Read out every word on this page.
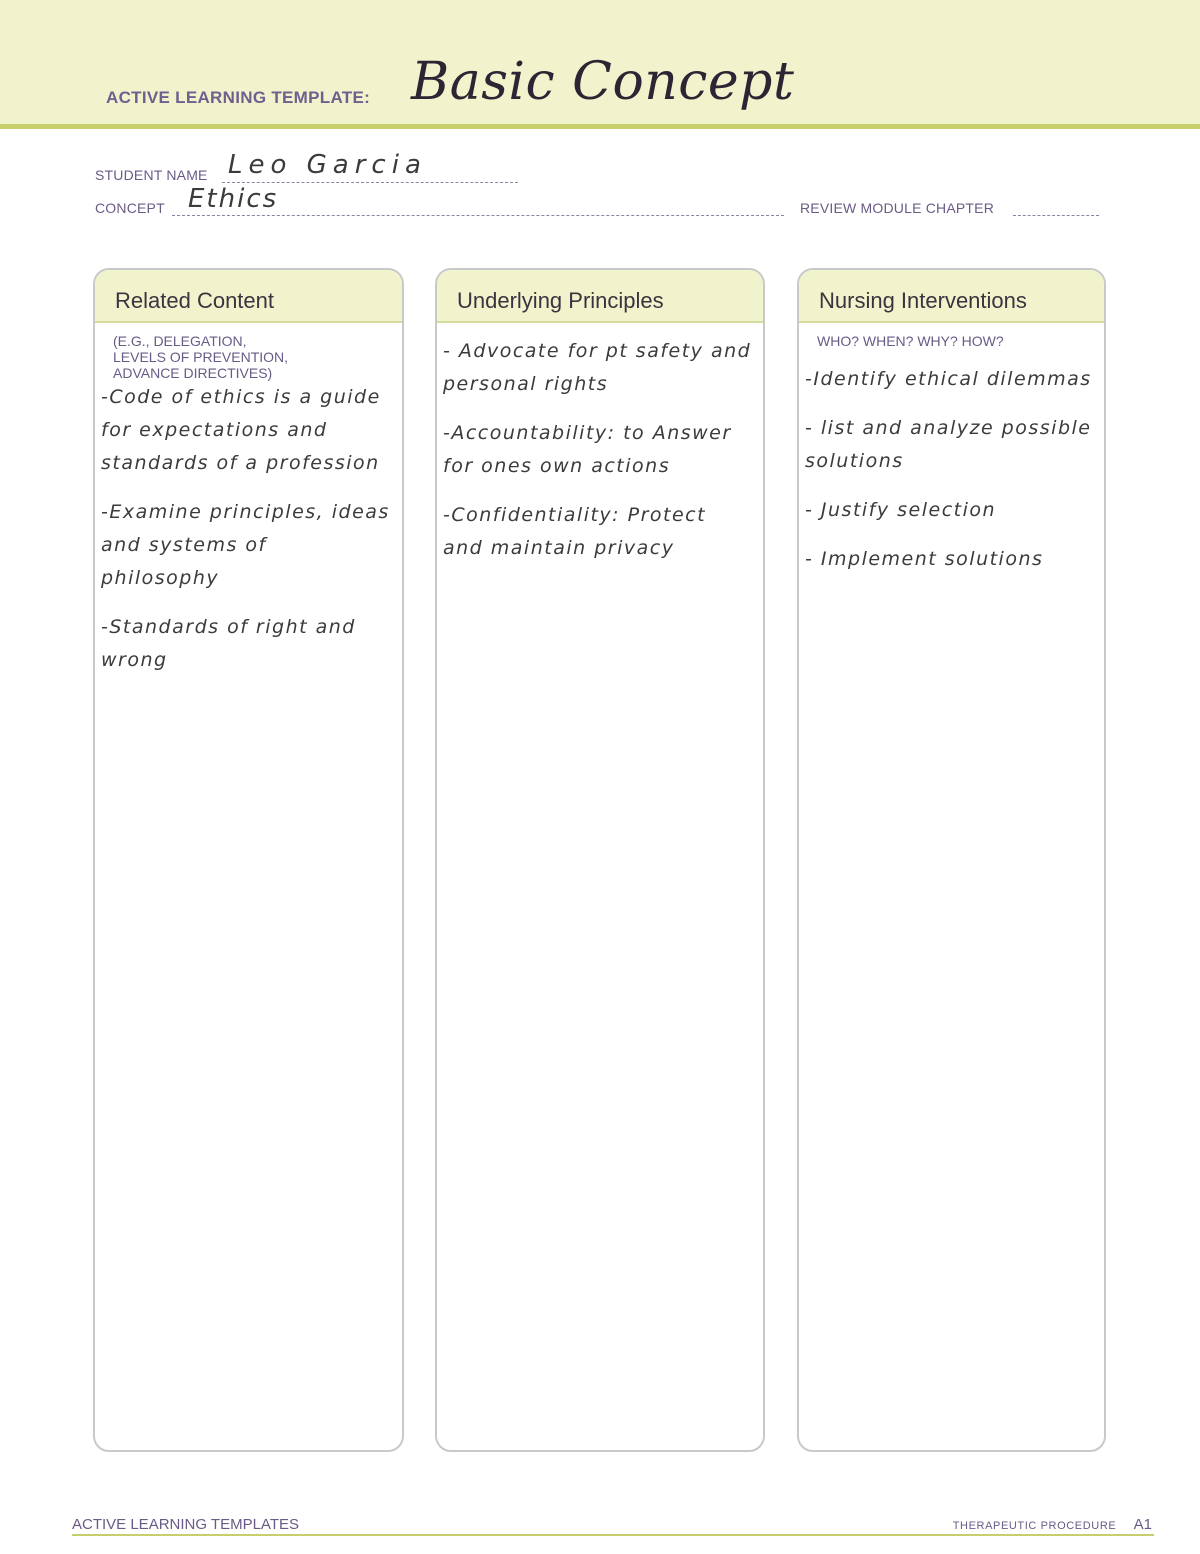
ACTIVE LEARNING TEMPLATE: Basic Concept
STUDENT NAME Leo Garcia
CONCEPT Ethics	REVIEW MODULE CHAPTER
Related Content
(E.G., DELEGATION,
LEVELS OF PREVENTION,
ADVANCE DIRECTIVES)
-Code of ethics is a guide for expectations and standards of a profession
-Examine principles, ideas and systems of philosophy
-Standards of right and wrong
Underlying Principles
- Advocate for pt safety and personal rights
-Accountability: to Answer for ones own actions
-Confidentiality: Protect and maintain privacy
Nursing Interventions
WHO? WHEN? WHY? HOW?
-Identify ethical dilemmas
- list and analyze possible solutions
- Justify selection
- Implement solutions
ACTIVE LEARNING TEMPLATES	THERAPEUTIC PROCEDURE A1
